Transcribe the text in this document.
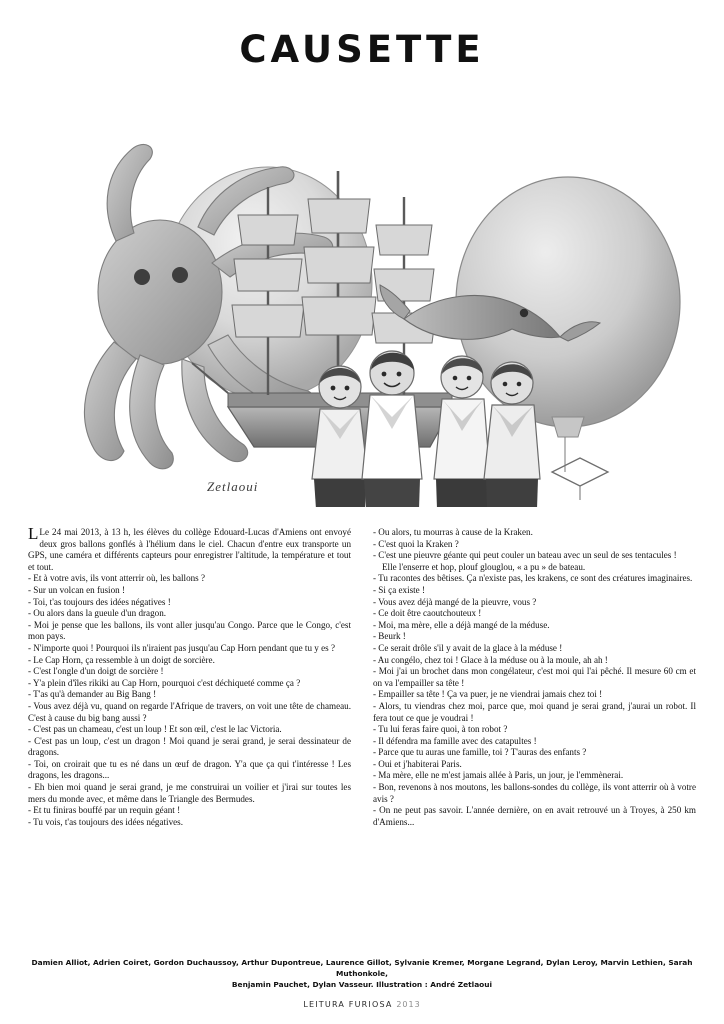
CAUSETTE
Zetlaoui

L Le 24 mai 2013, à 13 h, les élèves du collège Edouard-Lucas d'Amiens ont envoyé deux gros ballons gonflés à l'hélium dans le ciel. Chacun d'entre eux transporte un GPS, une caméra et différents capteurs pour enregistrer l'altitude, la température et tout et tout.

- Et à votre avis, ils vont atterrir où, les ballons ?

- Sur un volcan en fusion !

- Toi, t'as toujours des idées négatives !

- Ou alors dans la gueule d'un dragon.

- Moi je pense que les ballons, ils vont aller jusqu'au Congo. Parce que le Congo, c'est mon pays.

- N'importe quoi ! Pourquoi ils n'iraient pas jusqu'au Cap Horn pendant que tu y es ?

- Le Cap Horn, ça ressemble à un doigt de sorcière.

- C'est l'ongle d'un doigt de sorcière !

- Y'a plein d'îles rikiki au Cap Horn, pourquoi c'est déchiqueté comme ça ?

- T'as qu'à demander au Big Bang !

- Vous avez déjà vu, quand on regarde l'Afrique de travers, on voit une tête de chameau. C'est à cause du big bang aussi ?

- C'est pas un chameau, c'est un loup ! Et son œil, c'est le lac Victoria.

- C'est pas un loup, c'est un dragon ! Moi quand je serai grand, je serai dessinateur de dragons.

- Toi, on croirait que tu es né dans un œuf de dragon. Y'a que ça qui t'intéresse ! Les dragons, les dragons...

- Eh bien moi quand je serai grand, je me construirai un voilier et j'irai sur toutes les mers du monde avec, et même dans le Triangle des Bermudes.

- Et tu finiras bouffé par un requin géant !

- Tu vois, t'as toujours des idées négatives.

- Ou alors, tu mourras à cause de la Kraken.

- C'est quoi la Kraken ?

- C'est une pieuvre géante qui peut couler un bateau avec un seul de ses tentacules !

Elle l'enserre et hop, plouf glouglou, « a pu » de bateau.

- Tu racontes des bêtises. Ça n'existe pas, les krakens, ce sont des créatures imaginaires.

- Si ça existe !

- Vous avez déjà mangé de la pieuvre, vous ?

- Ce doit être caoutchouteux !

- Moi, ma mère, elle a déjà mangé de la méduse.

- Beurk !

- Ce serait drôle s'il y avait de la glace à la méduse !

- Au congélo, chez toi ! Glace à la méduse ou à la moule, ah ah !

- Moi j'ai un brochet dans mon congélateur, c'est moi qui l'ai pêché. Il mesure 60 cm et on va l'empailler sa tête !

- Empailler sa tête ! Ça va puer, je ne viendrai jamais chez toi !

- Alors, tu viendras chez moi, parce que, moi quand je serai grand, j'aurai un robot. Il fera tout ce que je voudrai !

- Tu lui feras faire quoi, à ton robot ?

- Il défendra ma famille avec des catapultes !

- Parce que tu auras une famille, toi ? T'auras des enfants ?

- Oui et j'habiterai Paris.

- Ma mère, elle ne m'est jamais allée à Paris, un jour, je l'emmènerai.

- Bon, revenons à nos moutons, les ballons-sondes du collège, ils vont atterrir où à votre avis ?

- On ne peut pas savoir. L'année dernière, on en avait retrouvé un à Troyes, à 250 km d'Amiens...

Damien Alliot, Adrien Coiret, Gordon Duchaussoy, Arthur Dupontreue, Laurence Gillot, Sylvanie Kremer, Morgane Legrand, Dylan Leroy, Marvin Lethien, Sarah Muthonkole,
Benjamin Pauchet, Dylan Vasseur. Illustration : André Zetlaoui
LEITURA FURIOSA 2013
